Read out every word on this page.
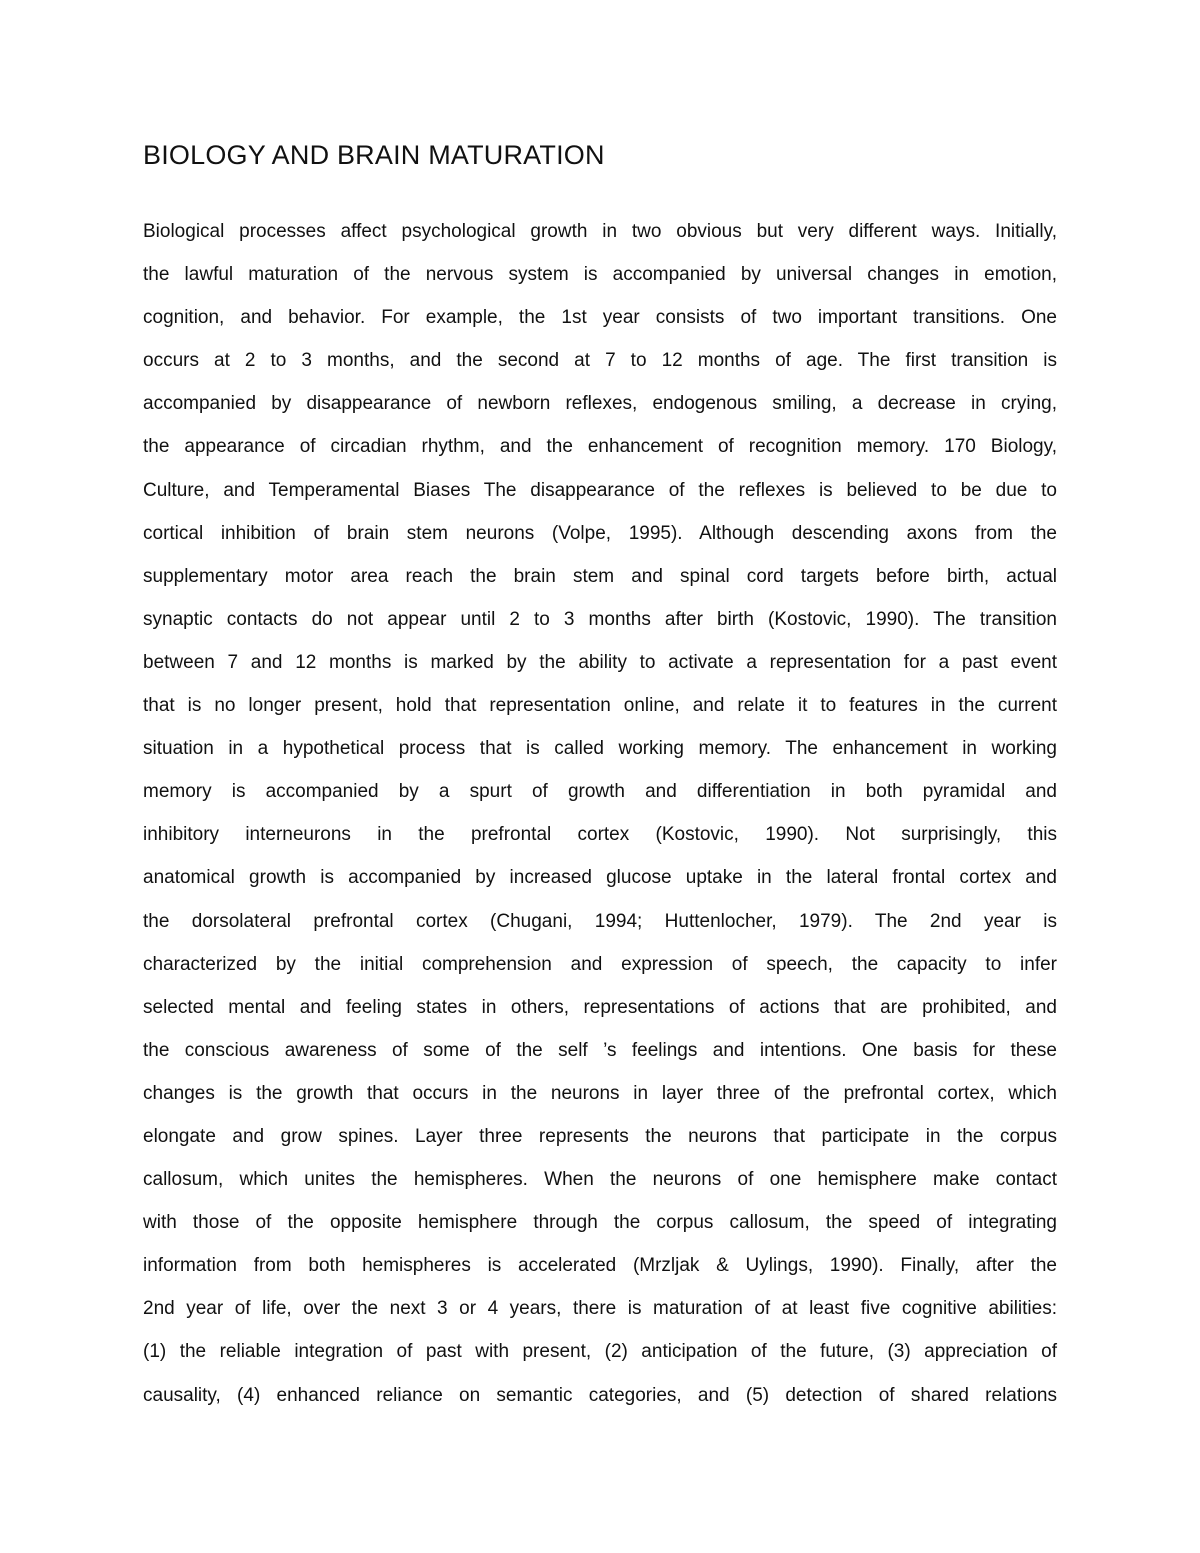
BIOLOGY AND BRAIN MATURATION
Biological processes affect psychological growth in two obvious but very different ways. Initially,
the lawful maturation of the nervous system is accompanied by universal changes in emotion,
cognition, and behavior. For example, the 1st year consists of two important transitions. One
occurs at 2 to 3 months, and the second at 7 to 12 months of age. The first transition is
accompanied by disappearance of newborn reflexes, endogenous smiling, a decrease in crying,
the appearance of circadian rhythm, and the enhancement of recognition memory. 170 Biology,
Culture, and Temperamental Biases The disappearance of the reflexes is believed to be due to
cortical inhibition of brain stem neurons (Volpe, 1995). Although descending axons from the
supplementary motor area reach the brain stem and spinal cord targets before birth, actual
synaptic contacts do not appear until 2 to 3 months after birth (Kostovic, 1990). The transition
between 7 and 12 months is marked by the ability to activate a representation for a past event
that is no longer present, hold that representation online, and relate it to features in the current
situation in a hypothetical process that is called working memory. The enhancement in working
memory is accompanied by a spurt of growth and differentiation in both pyramidal and
inhibitory interneurons in the prefrontal cortex (Kostovic, 1990). Not surprisingly, this
anatomical growth is accompanied by increased glucose uptake in the lateral frontal cortex and
the dorsolateral prefrontal cortex (Chugani, 1994; Huttenlocher, 1979). The 2nd year is
characterized by the initial comprehension and expression of speech, the capacity to infer
selected mental and feeling states in others, representations of actions that are prohibited, and
the conscious awareness of some of the self ’s feelings and intentions. One basis for these
changes is the growth that occurs in the neurons in layer three of the prefrontal cortex, which
elongate and grow spines. Layer three represents the neurons that participate in the corpus
callosum, which unites the hemispheres. When the neurons of one hemisphere make contact
with those of the opposite hemisphere through the corpus callosum, the speed of integrating
information from both hemispheres is accelerated (Mrzljak & Uylings, 1990). Finally, after the
2nd year of life, over the next 3 or 4 years, there is maturation of at least five cognitive abilities:
(1) the reliable integration of past with present, (2) anticipation of the future, (3) appreciation of
causality, (4) enhanced reliance on semantic categories, and (5) detection of shared relations
